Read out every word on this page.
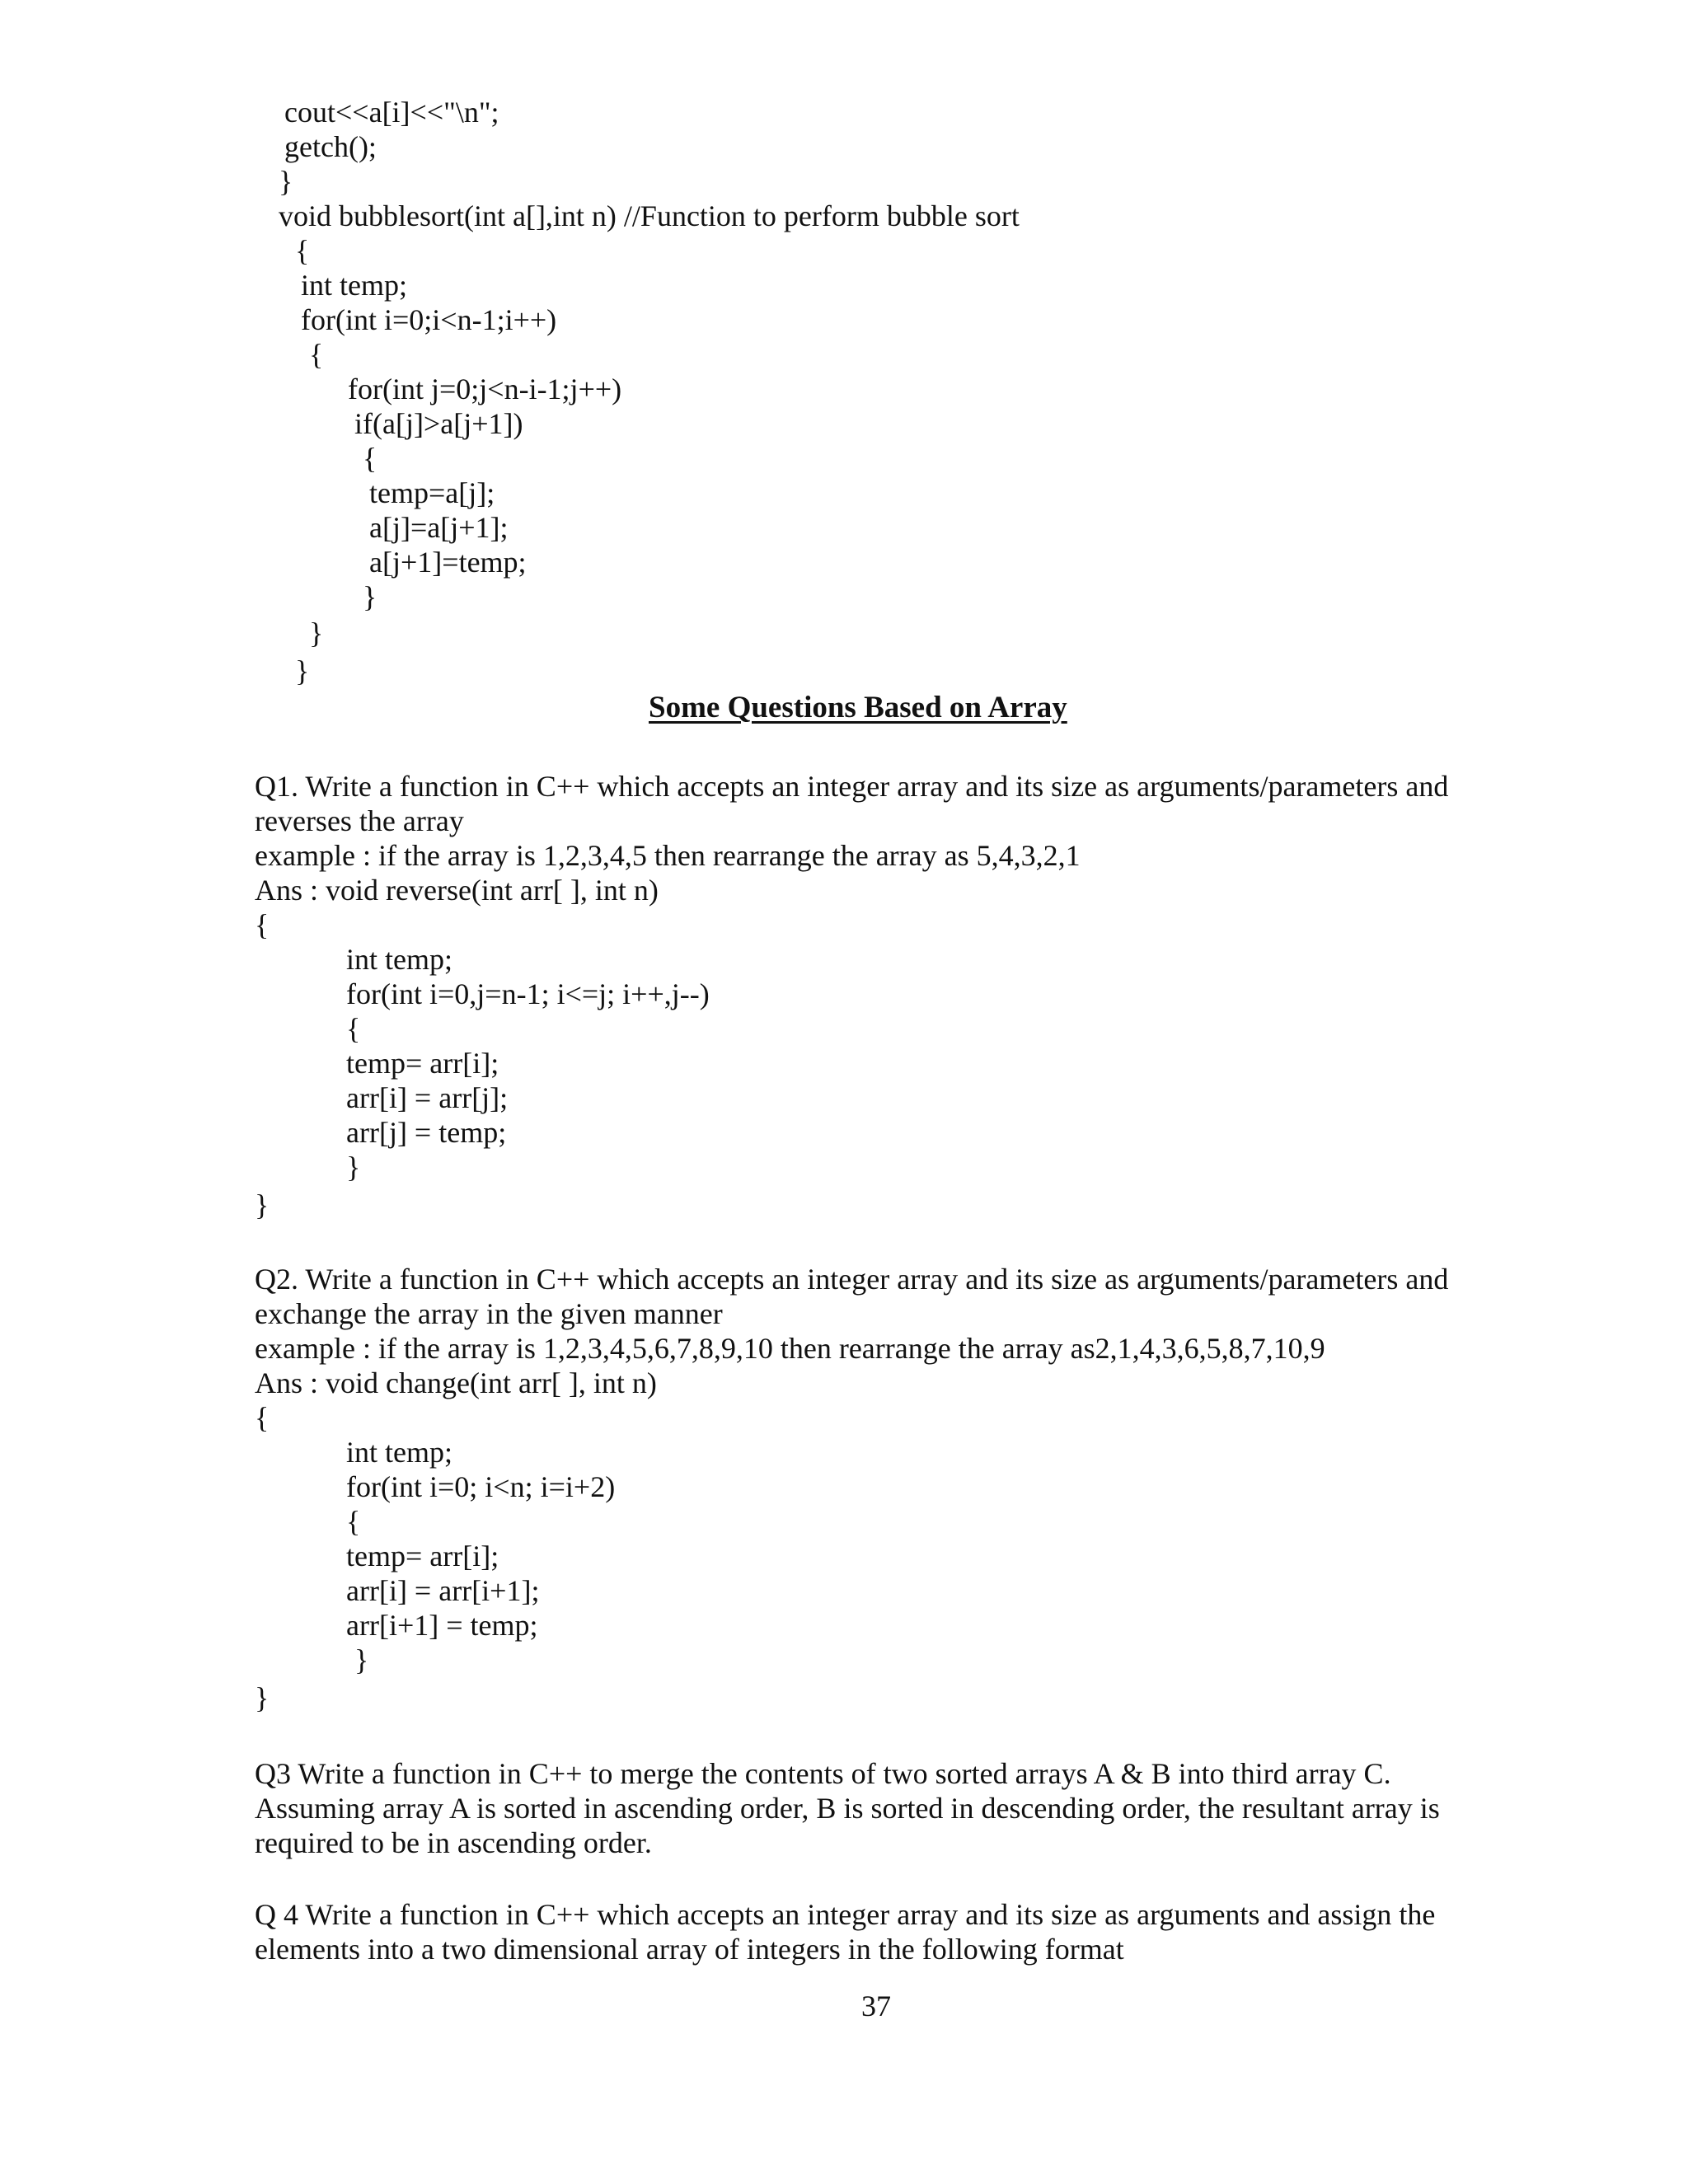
cout<<a[i]<<"\n";
getch();
}
void bubblesort(int a[],int n) //Function to perform bubble sort
{
int temp;
for(int i=0;i<n-1;i++)
{
for(int j=0;j<n-i-1;j++)
if(a[j]>a[j+1])
{
temp=a[j];
a[j]=a[j+1];
a[j+1]=temp;
}
}
}
Some Questions Based on Array
Q1. Write a function in C++ which accepts an integer array and its size as arguments/parameters and
reverses the array
example : if the array is 1,2,3,4,5 then rearrange the array as 5,4,3,2,1
Ans : void reverse(int arr[ ], int n)
{
int temp;
for(int i=0,j=n-1; i<=j; i++,j--)
{
temp= arr[i];
arr[i] = arr[j];
arr[j] = temp;
}
}
Q2. Write a function in C++ which accepts an integer array and its size as arguments/parameters and
exchange the array in the given manner
example : if the array is 1,2,3,4,5,6,7,8,9,10 then rearrange the array as2,1,4,3,6,5,8,7,10,9
Ans : void change(int arr[ ], int n)
{
int temp;
for(int i=0; i<n; i=i+2)
{
temp= arr[i];
arr[i] = arr[i+1];
arr[i+1] = temp;
}
}
Q3 Write a function in C++ to merge the contents of two sorted arrays A & B into third array C.
Assuming array A is sorted in ascending order, B is sorted in descending order, the resultant array is
required to be in ascending order.
Q 4 Write a function in C++ which accepts an integer array and its size as arguments and assign the
elements into a two dimensional array of integers in the following format
37
